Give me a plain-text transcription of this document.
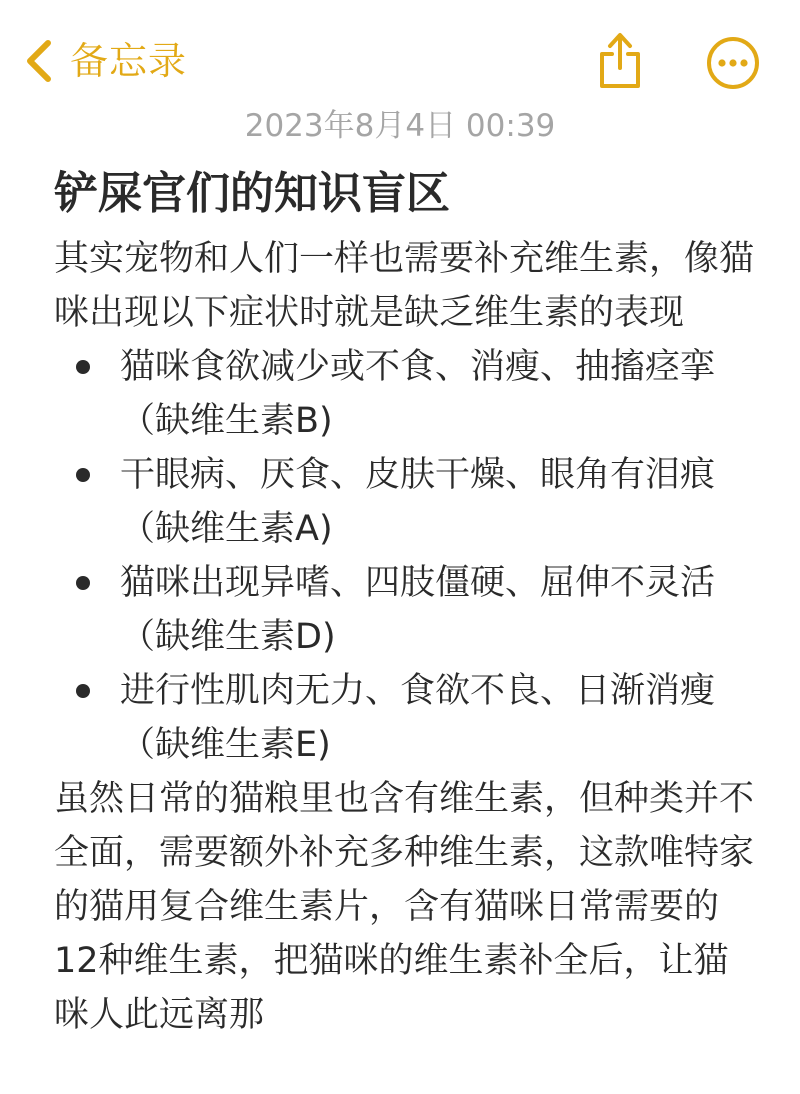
备忘录
2023年8月4日 00:39
铲屎官们的知识盲区

其实宠物和人们一样也需要补充维生素，像猫咪出现以下症状时就是缺乏维生素的表现

猫咪食欲减少或不食、消瘦、抽搐痉挛（缺维生素B)
干眼病、厌食、皮肤干燥、眼角有泪痕（缺维生素A)
猫咪出现异嗜、四肢僵硬、屈伸不灵活（缺维生素D)
进行性肌肉无力、食欲不良、日渐消瘦（缺维生素E)

虽然日常的猫粮里也含有维生素，但种类并不全面，需要额外补充多种维生素，这款唯特家的猫用复合维生素片，含有猫咪日常需要的12种维生素，把猫咪的维生素补全后，让猫咪人此远离那
